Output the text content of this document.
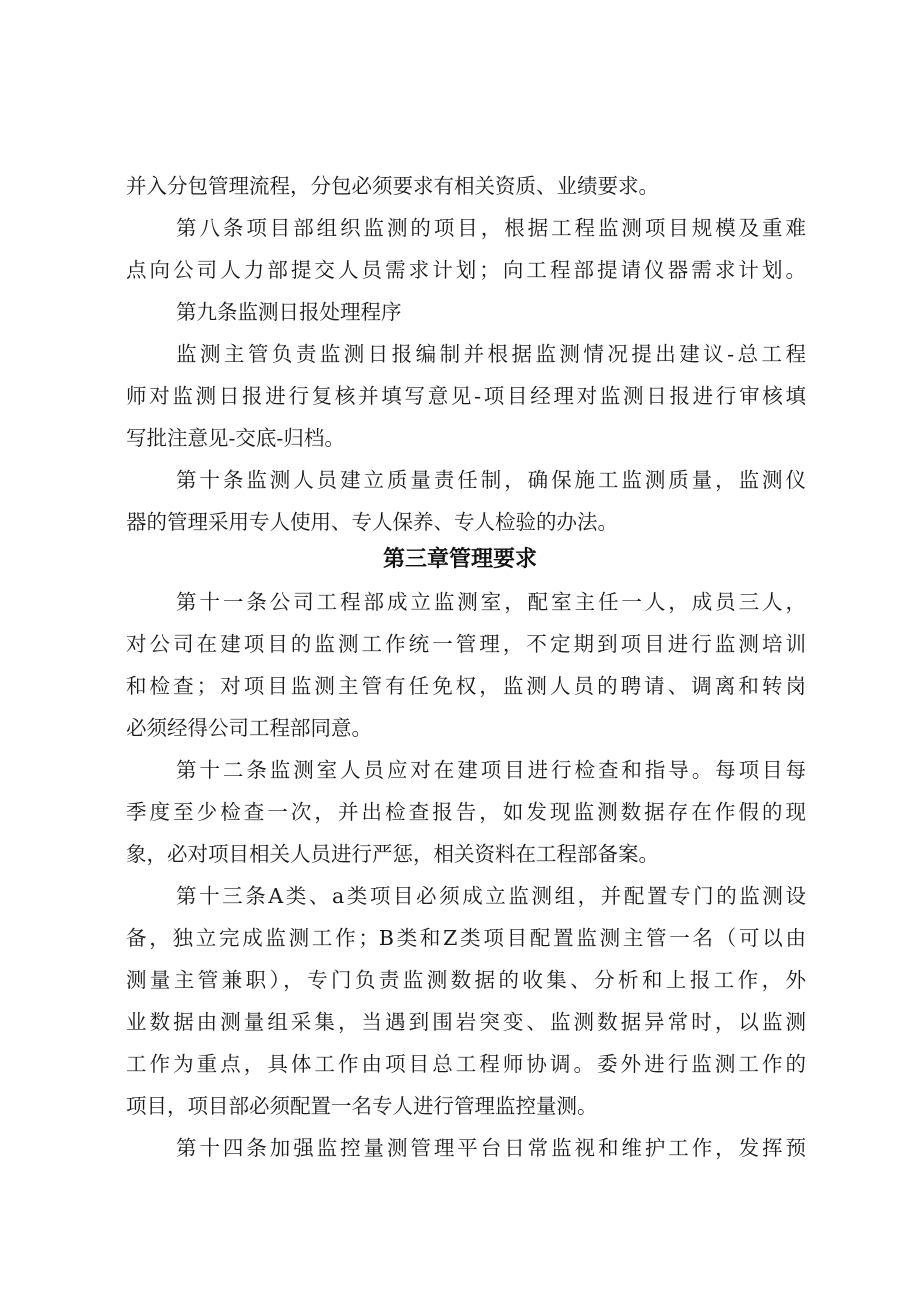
并入分包管理流程，分包必须要求有相关资质、业绩要求。
第八条项目部组织监测的项目，根据工程监测项目规模及重难
点向公司人力部提交人员需求计划；向工程部提请仪器需求计划。
第九条监测日报处理程序
监测主管负责监测日报编制并根据监测情况提出建议-总工程
师对监测日报进行复核并填写意见-项目经理对监测日报进行审核填
写批注意见-交底-归档。
第十条监测人员建立质量责任制，确保施工监测质量，监测仪
器的管理采用专人使用、专人保养、专人检验的办法。
第三章管理要求
第十一条公司工程部成立监测室，配室主任一人，成员三人，
对公司在建项目的监测工作统一管理，不定期到项目进行监测培训
和检查；对项目监测主管有任免权，监测人员的聘请、调离和转岗
必须经得公司工程部同意。
第十二条监测室人员应对在建项目进行检查和指导。每项目每
季度至少检查一次，并出检查报告，如发现监测数据存在作假的现
象，必对项目相关人员进行严惩，相关资料在工程部备案。
第十三条A类、a类项目必须成立监测组，并配置专门的监测设
备，独立完成监测工作；B类和Z类项目配置监测主管一名（可以由
测量主管兼职），专门负责监测数据的收集、分析和上报工作，外
业数据由测量组采集，当遇到围岩突变、监测数据异常时，以监测
工作为重点，具体工作由项目总工程师协调。委外进行监测工作的
项目，项目部必须配置一名专人进行管理监控量测。
第十四条加强监控量测管理平台日常监视和维护工作，发挥预
